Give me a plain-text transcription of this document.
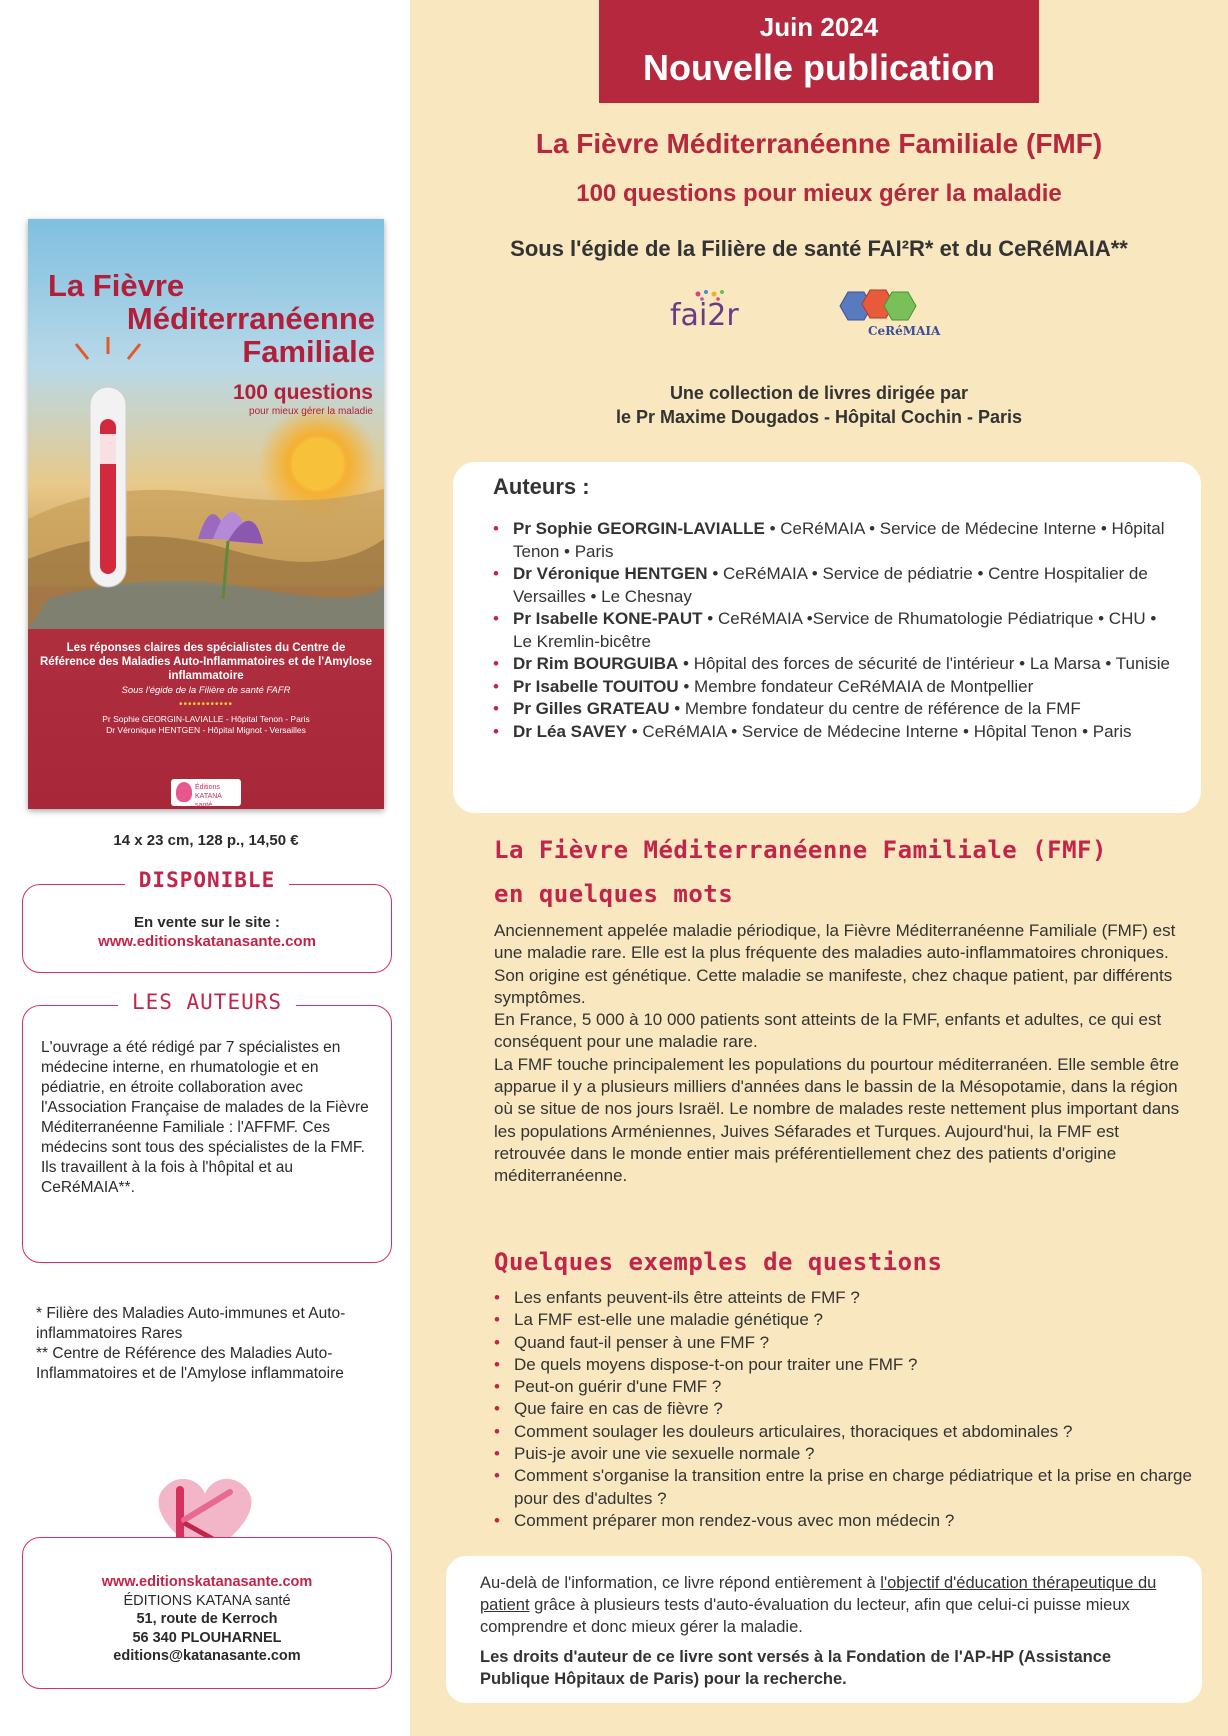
La Fièvre
Méditerranéenne
Familiale
100 questions
pour mieux gérer la maladie
Les réponses claires des spécialistes du Centre de Référence des Maladies Auto-Inflammatoires et de l'Amylose inflammatoire
Sous l'égide de la Filière de santé FAFR
••••••••••••
Pr Sophie GEORGIN-LAVIALLE - Hôpital Tenon - Paris
Dr Véronique HENTGEN - Hôpital Mignot - Versailles
Éditions
KATANA
santé
14 x 23 cm, 128 p., 14,50 €
DISPONIBLE
En vente sur le site :
www.editionskatanasante.com
LES AUTEURS
L'ouvrage a été rédigé par 7 spécialistes en médecine interne, en rhumatologie et en pédiatrie, en étroite collaboration avec l'Association Française de malades de la Fièvre Méditerranéenne Familiale : l'AFFMF. Ces médecins sont tous des spécialistes de la FMF. Ils travaillent à la fois à l'hôpital et au CeRéMAIA**.
* Filière des Maladies Auto-immunes et Auto-inflammatoires Rares
** Centre de Référence des Maladies Auto-Inflammatoires et de l'Amylose inflammatoire
www.editionskatanasante.com
ÉDITIONS KATANA santé
51, route de Kerroch
56 340 PLOUHARNEL
editions@katanasante.com
Juin 2024
Nouvelle publication
La Fièvre Méditerranéenne Familiale (FMF)
100 questions pour mieux gérer la maladie
Sous l'égide de la Filière de santé FAI²R* et du CeRéMAIA**
fai2r	CeRéMAIA
Une collection de livres dirigée par
le Pr Maxime Dougados - Hôpital Cochin - Paris
Auteurs :
• Pr Sophie GEORGIN-LAVIALLE • CeRéMAIA • Service de Médecine Interne • Hôpital Tenon • Paris
• Dr Véronique HENTGEN • CeRéMAIA • Service de pédiatrie • Centre Hospitalier de Versailles • Le Chesnay
• Pr Isabelle KONE-PAUT • CeRéMAIA •Service de Rhumatologie Pédiatrique • CHU • Le Kremlin-bicêtre
• Dr Rim BOURGUIBA • Hôpital des forces de sécurité de l'intérieur • La Marsa • Tunisie
• Pr Isabelle TOUITOU • Membre fondateur CeRéMAIA de Montpellier
• Pr Gilles GRATEAU • Membre fondateur du centre de référence de la FMF
• Dr Léa SAVEY • CeRéMAIA • Service de Médecine Interne • Hôpital Tenon • Paris
La Fièvre Méditerranéenne Familiale (FMF)
en quelques mots
Anciennement appelée maladie périodique, la Fièvre Méditerranéenne Familiale (FMF) est une maladie rare. Elle est la plus fréquente des maladies auto-inflammatoires chroniques. Son origine est génétique. Cette maladie se manifeste, chez chaque patient, par différents symptômes.
En France, 5 000 à 10 000 patients sont atteints de la FMF, enfants et adultes, ce qui est conséquent pour une maladie rare.
La FMF touche principalement les populations du pourtour méditerranéen. Elle semble être apparue il y a plusieurs milliers d'années dans le bassin de la Mésopotamie, dans la région où se situe de nos jours Israël. Le nombre de malades reste nettement plus important dans les populations Arméniennes, Juives Séfarades et Turques. Aujourd'hui, la FMF est retrouvée dans le monde entier mais préférentiellement chez des patients d'origine méditerranéenne.
Quelques exemples de questions
• Les enfants peuvent-ils être atteints de FMF ?
• La FMF est-elle une maladie génétique ?
• Quand faut-il penser à une FMF ?
• De quels moyens dispose-t-on pour traiter une FMF ?
• Peut-on guérir d'une FMF ?
• Que faire en cas de fièvre ?
• Comment soulager les douleurs articulaires, thoraciques et abdominales ?
• Puis-je avoir une vie sexuelle normale ?
• Comment s'organise la transition entre la prise en charge pédiatrique et la prise en charge pour des d'adultes ?
• Comment préparer mon rendez-vous avec mon médecin ?
Au-delà de l'information, ce livre répond entièrement à l'objectif d'éducation thérapeutique du patient grâce à plusieurs tests d'auto-évaluation du lecteur, afin que celui-ci puisse mieux comprendre et donc mieux gérer la maladie.
Les droits d'auteur de ce livre sont versés à la Fondation de l'AP-HP (Assistance Publique Hôpitaux de Paris) pour la recherche.
